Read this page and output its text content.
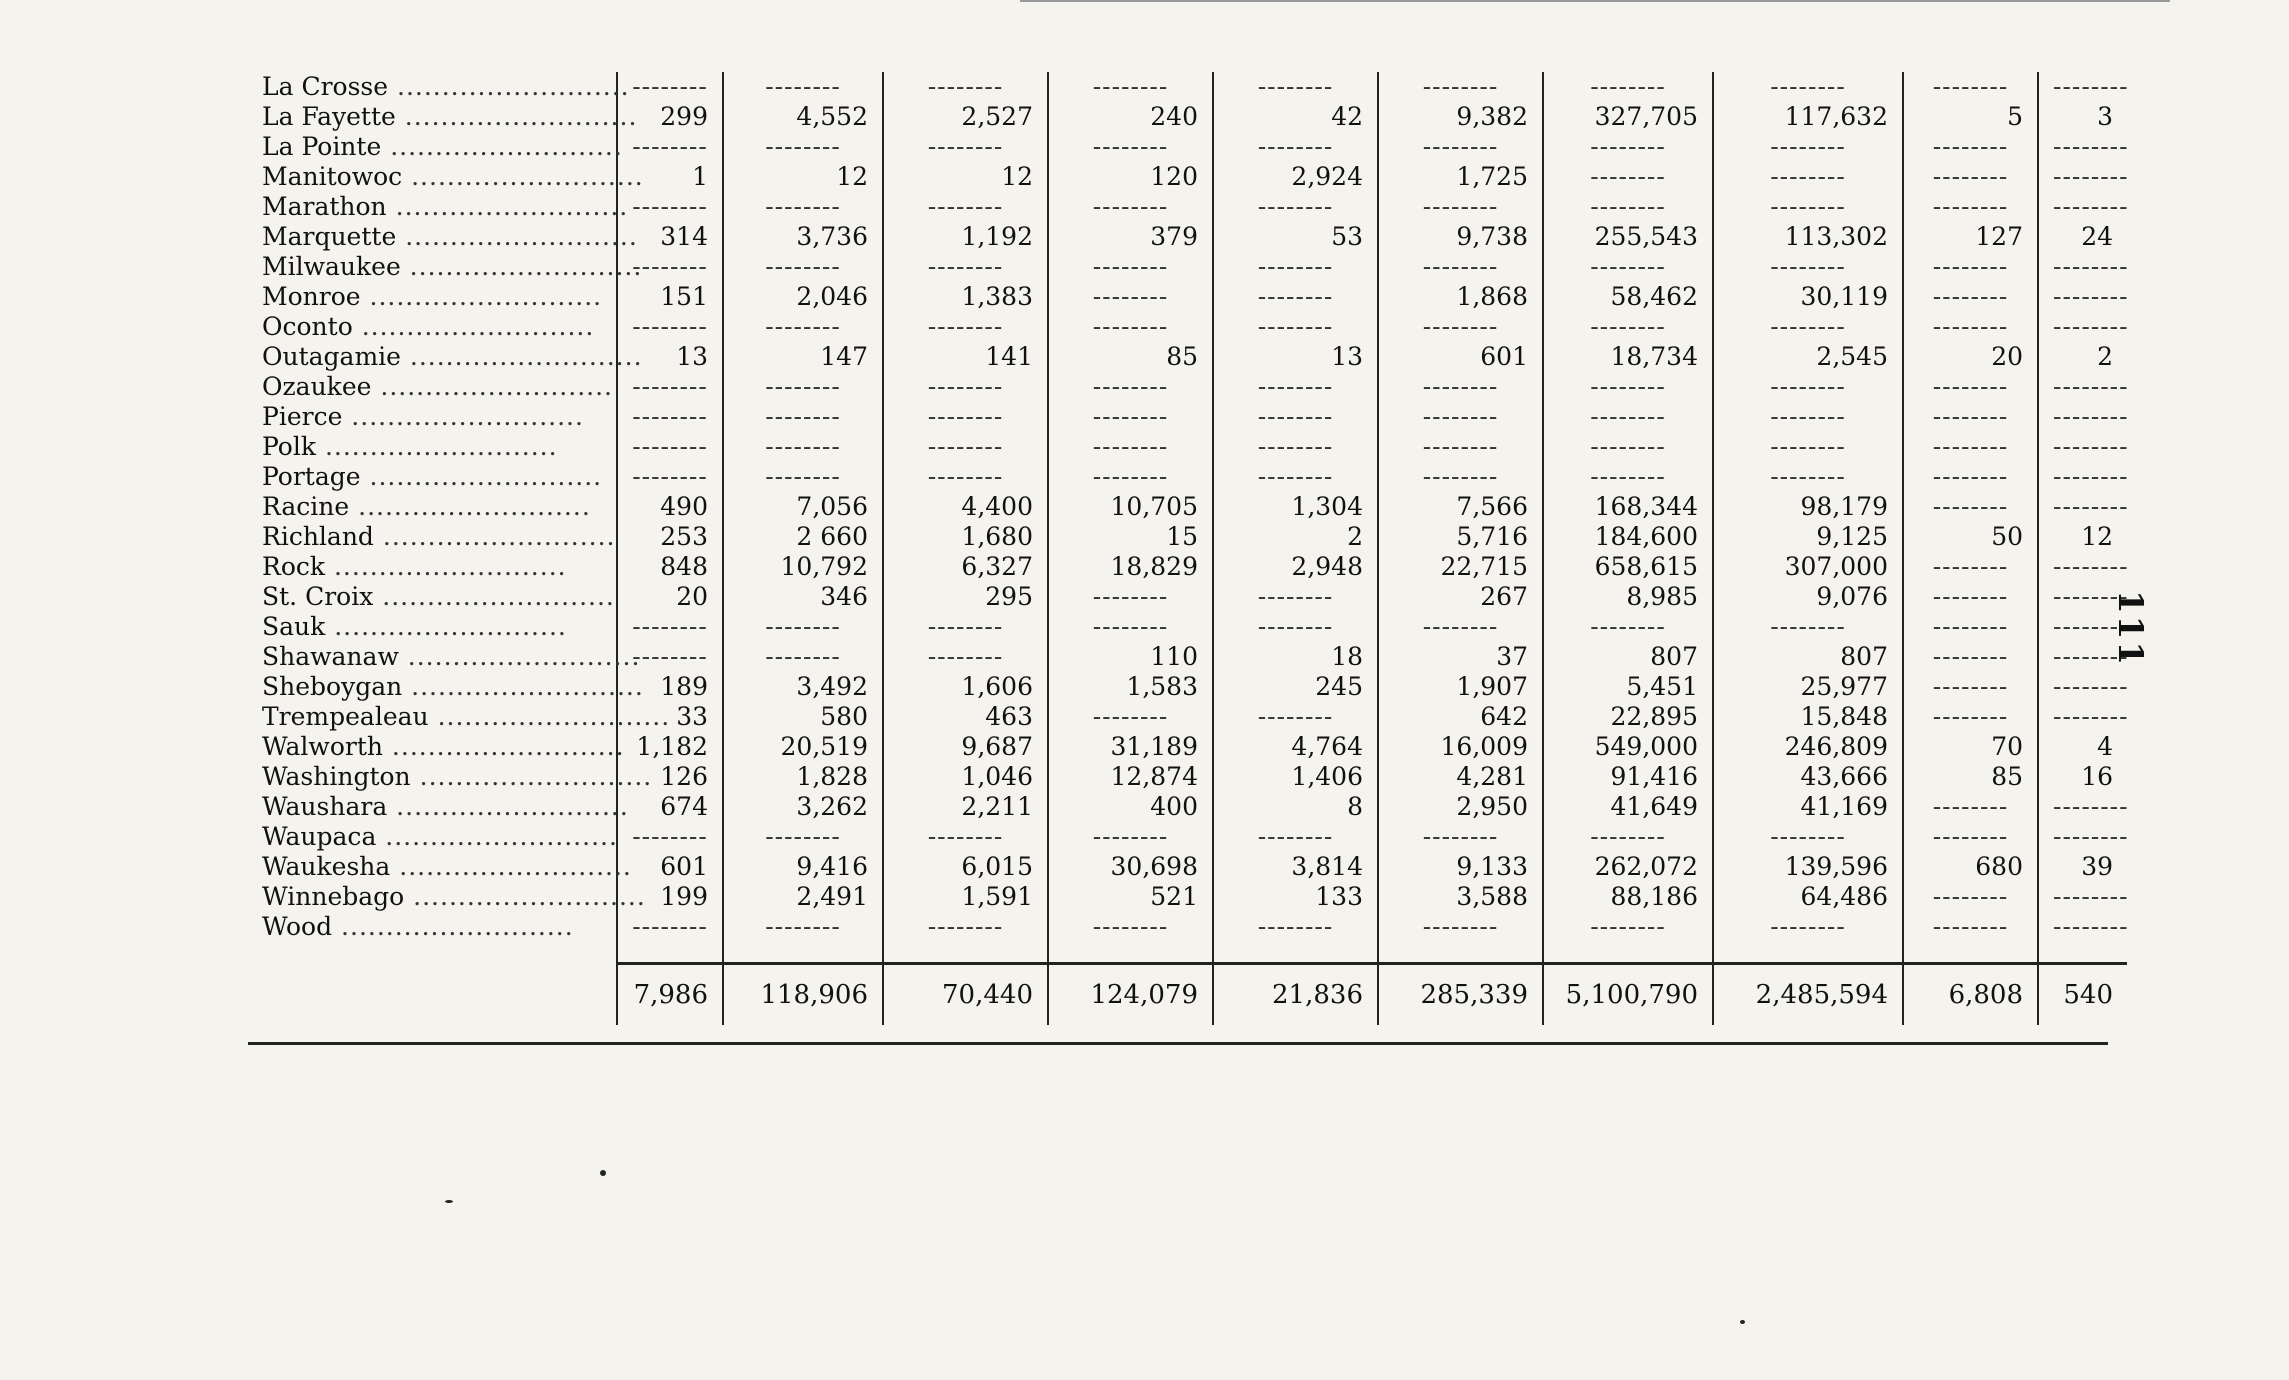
La Crosse ..........................	--------	--------	--------	--------	--------	--------	--------	--------	--------	--------
La Fayette ..........................	299	4,552	2,527	240	42	9,382	327,705	117,632	5	3
La Pointe ..........................	--------	--------	--------	--------	--------	--------	--------	--------	--------	--------
Manitowoc ..........................	1	12	12	120	2,924	1,725	--------	--------	--------	--------
Marathon ..........................	--------	--------	--------	--------	--------	--------	--------	--------	--------	--------
Marquette ..........................	314	3,736	1,192	379	53	9,738	255,543	113,302	127	24
Milwaukee ..........................	--------	--------	--------	--------	--------	--------	--------	--------	--------	--------
Monroe ..........................	151	2,046	1,383	--------	--------	1,868	58,462	30,119	--------	--------
Oconto ..........................	--------	--------	--------	--------	--------	--------	--------	--------	--------	--------
Outagamie ..........................	13	147	141	85	13	601	18,734	2,545	20	2
Ozaukee ..........................	--------	--------	--------	--------	--------	--------	--------	--------	--------	--------
Pierce ..........................	--------	--------	--------	--------	--------	--------	--------	--------	--------	--------
Polk ..........................	--------	--------	--------	--------	--------	--------	--------	--------	--------	--------
Portage ..........................	--------	--------	--------	--------	--------	--------	--------	--------	--------	--------
Racine ..........................	490	7,056	4,400	10,705	1,304	7,566	168,344	98,179	--------	--------
Richland ..........................	253	2 660	1,680	15	2	5,716	184,600	9,125	50	12
Rock ..........................	848	10,792	6,327	18,829	2,948	22,715	658,615	307,000	--------	--------
St. Croix ..........................	20	346	295	--------	--------	267	8,985	9,076	--------	--------
Sauk ..........................	--------	--------	--------	--------	--------	--------	--------	--------	--------	--------
Shawanaw ..........................	--------	--------	--------	110	18	37	807	807	--------	--------
Sheboygan ..........................	189	3,492	1,606	1,583	245	1,907	5,451	25,977	--------	--------
Trempealeau ..........................	33	580	463	--------	--------	642	22,895	15,848	--------	--------
Walworth ..........................	1,182	20,519	9,687	31,189	4,764	16,009	549,000	246,809	70	4
Washington ..........................	126	1,828	1,046	12,874	1,406	4,281	91,416	43,666	85	16
Waushara ..........................	674	3,262	2,211	400	8	2,950	41,649	41,169	--------	--------
Waupaca ..........................	--------	--------	--------	--------	--------	--------	--------	--------	--------	--------
Waukesha ..........................	601	9,416	6,015	30,698	3,814	9,133	262,072	139,596	680	39
Winnebago ..........................	199	2,491	1,591	521	133	3,588	88,186	64,486	--------	--------
Wood ..........................	--------	--------	--------	--------	--------	--------	--------	--------	--------	--------

	7,986	118,906	70,440	124,079	21,836	285,339	5,100,790	2,485,594	6,808	540
111
